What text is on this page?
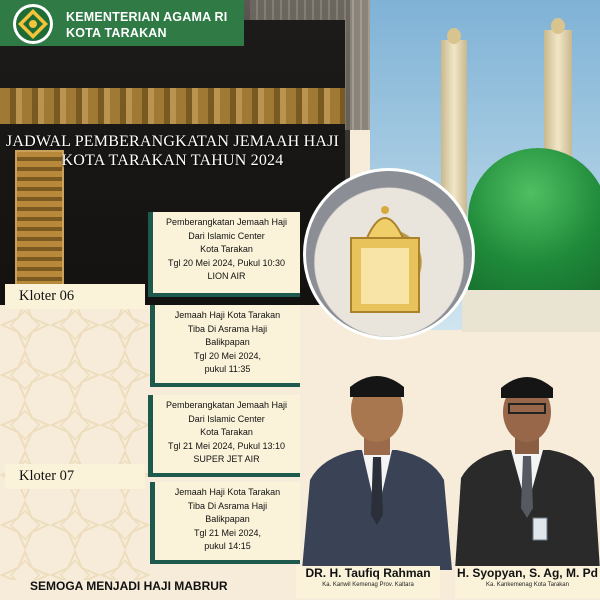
KEMENTERIAN AGAMA RI
KOTA TARAKAN
JADWAL PEMBERANGKATAN JEMAAH HAJI
KOTA TARAKAN TAHUN 2024
Kloter 06
Kloter 07
Pemberangkatan Jemaah Haji
Dari Islamic Center
Kota Tarakan
Tgl 20 Mei 2024, Pukul 10:30
LION AIR
Jemaah Haji Kota Tarakan
Tiba Di Asrama Haji
Balikpapan
Tgl 20 Mei 2024,
pukul 11:35
Pemberangkatan Jemaah Haji
Dari Islamic Center
Kota Tarakan
Tgl 21 Mei 2024, Pukul 13:10
SUPER JET AIR
Jemaah Haji Kota Tarakan
Tiba Di Asrama Haji
Balikpapan
Tgl 21 Mei 2024,
pukul 14:15
DR. H. Taufiq Rahman
Ka. Kanwil Kemenag Prov. Kaltara
H. Syopyan, S. Ag, M. Pd
Ka. Kankemenag Kota Tarakan
SEMOGA MENJADI HAJI MABRUR
